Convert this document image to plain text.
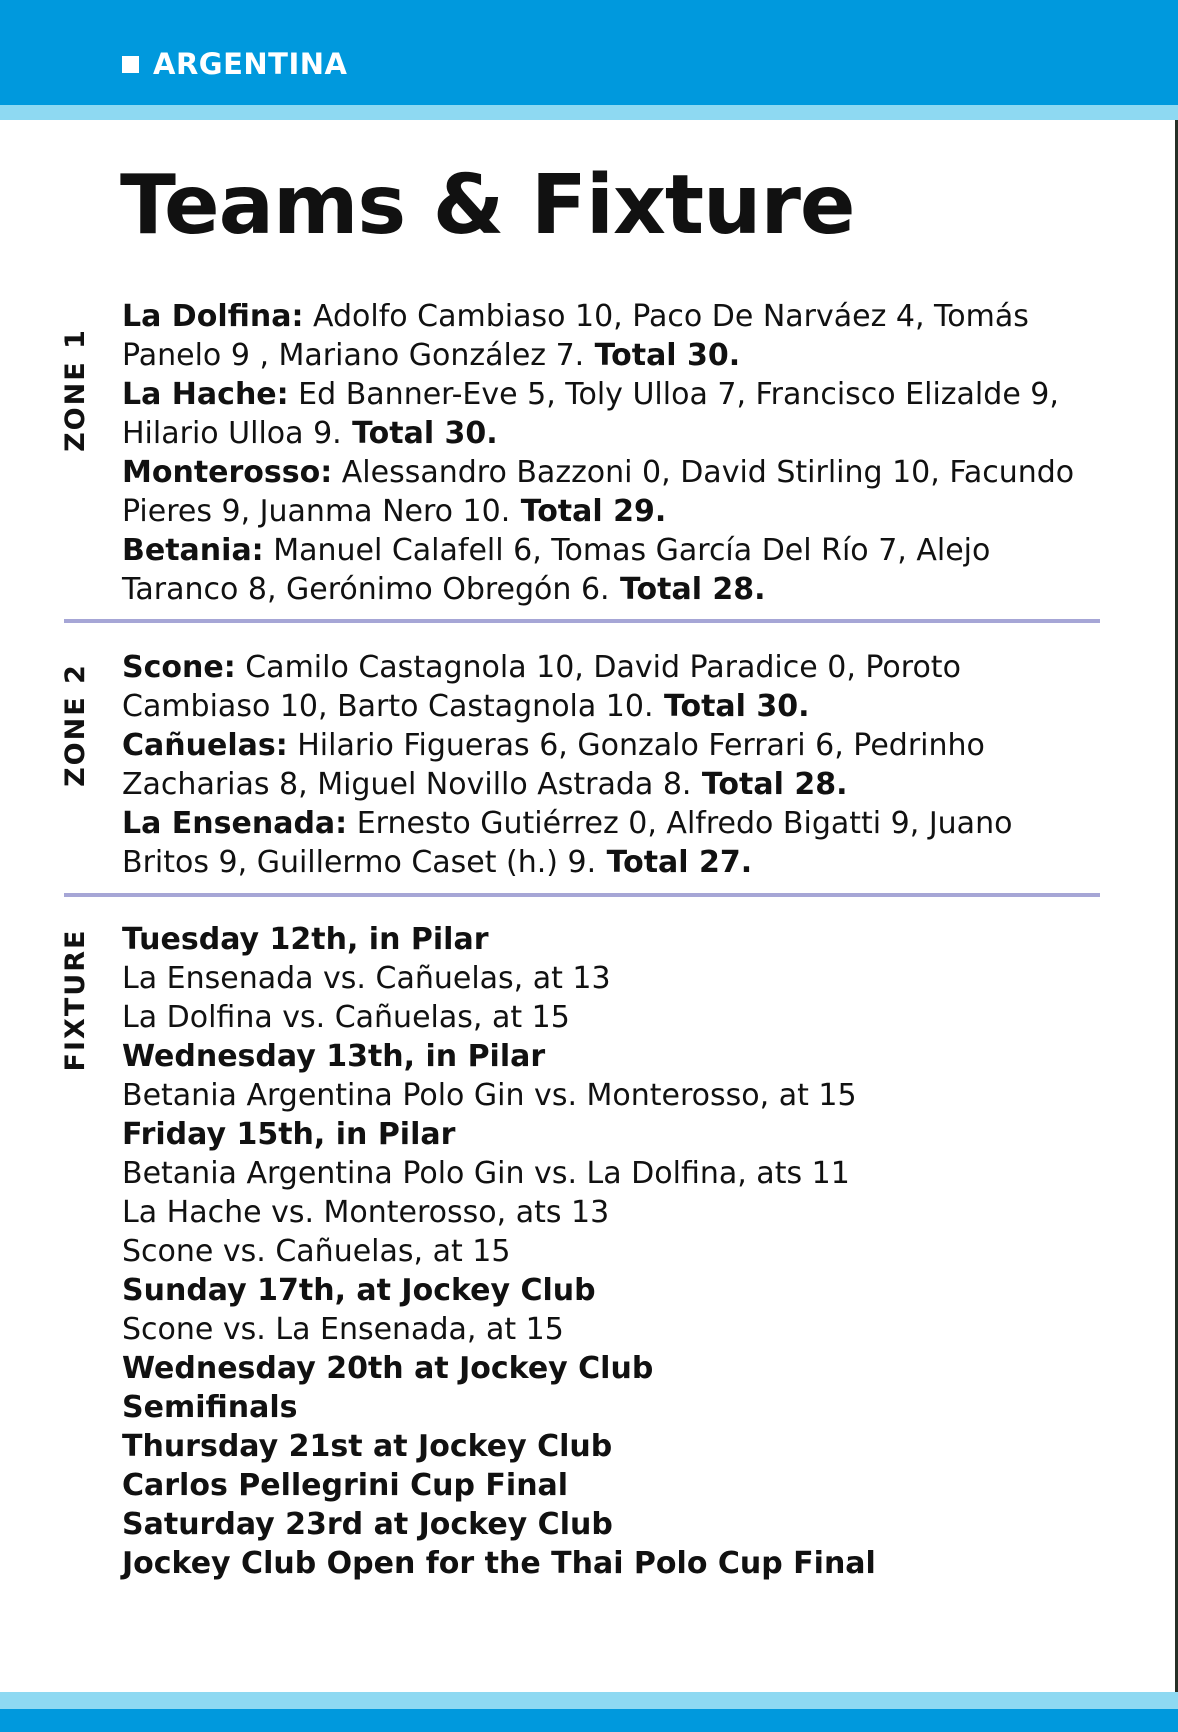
ARGENTINA
Teams & Fixture
ZONE 1

La Dolfina: Adolfo Cambiaso 10, Paco De Narváez 4, Tomás Panelo 9 , Mariano González 7. Total 30.

La Hache: Ed Banner-Eve 5, Toly Ulloa 7, Francisco Elizalde 9, Hilario Ulloa 9. Total 30.

Monterosso: Alessandro Bazzoni 0, David Stirling 10, Facundo Pieres 9, Juanma Nero 10. Total 29.

Betania: Manuel Calafell 6, Tomas García Del Río 7, Alejo Taranco 8, Gerónimo Obregón 6. Total 28.

ZONE 2 Scone: Camilo Castagnola 10, David Paradice 0, Poroto Cambiaso 10, Barto Castagnola 10. Total 30.

Cañuelas: Hilario Figueras 6, Gonzalo Ferrari 6, Pedrinho Zacharias 8, Miguel Novillo Astrada 8. Total 28.

La Ensenada: Ernesto Gutiérrez 0, Alfredo Bigatti 9, Juano Britos 9, Guillermo Caset (h.) 9. Total 27.

FIXTURE Tuesday 12th, in Pilar

La Ensenada vs. Cañuelas, at 13

La Dolfina vs. Cañuelas, at 15

Wednesday 13th, in Pilar

Betania Argentina Polo Gin vs. Monterosso, at 15

Friday 15th, in Pilar

Betania Argentina Polo Gin vs. La Dolfina, ats 11

La Hache vs. Monterosso, ats 13

Scone vs. Cañuelas, at 15

Sunday 17th, at Jockey Club

Scone vs. La Ensenada, at 15

Wednesday 20th at Jockey Club

Semifinals

Thursday 21st at Jockey Club

Carlos Pellegrini Cup Final

Saturday 23rd at Jockey Club

Jockey Club Open for the Thai Polo Cup Final
